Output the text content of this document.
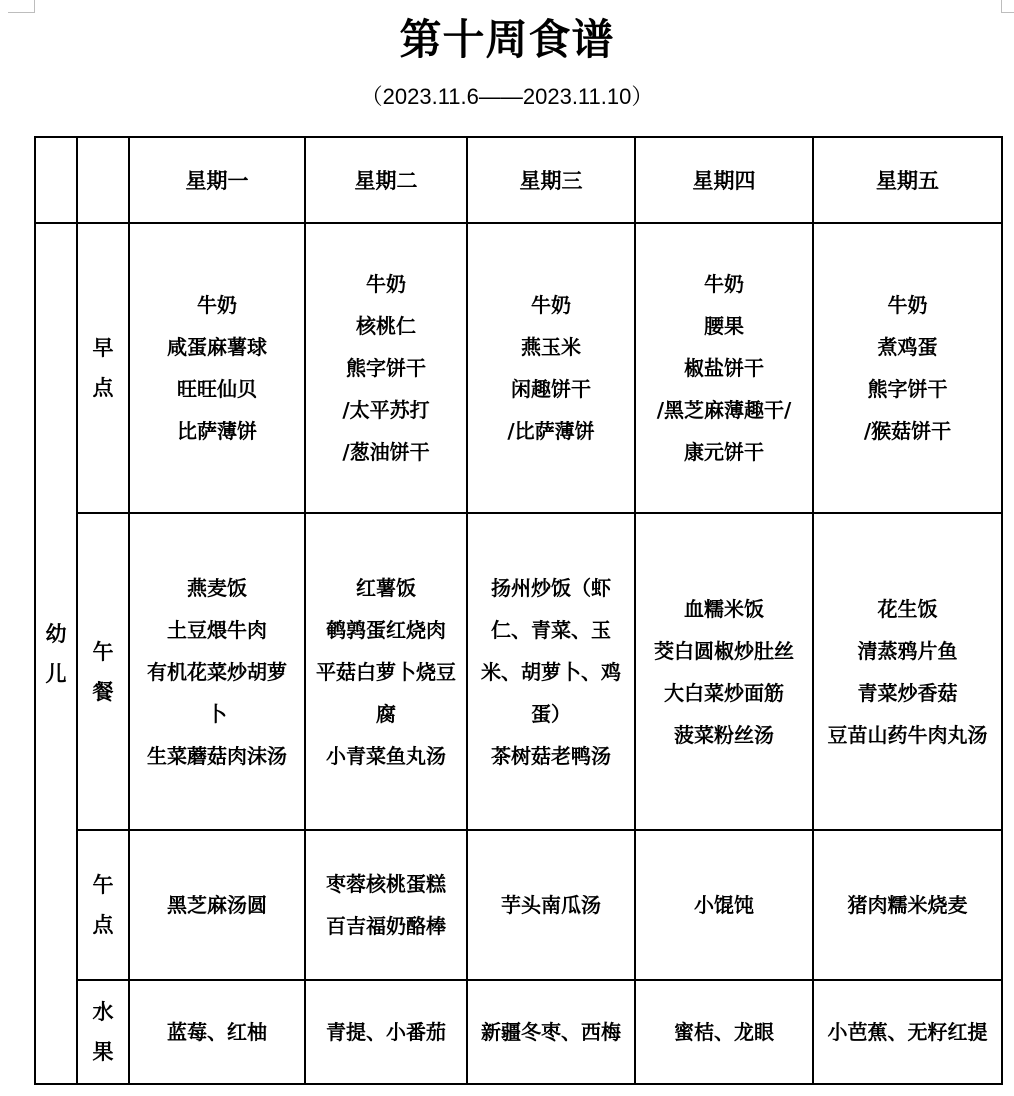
第十周食谱
（2023.11.6——2023.11.10）
		星期一	星期二	星期三	星期四	星期五
幼儿	早点	牛奶
咸蛋麻薯球
旺旺仙贝
比萨薄饼	牛奶
核桃仁
熊字饼干
/太平苏打
/葱油饼干	牛奶
燕玉米
闲趣饼干
/比萨薄饼	牛奶
腰果
椒盐饼干
/黑芝麻薄趣干/
康元饼干	牛奶
煮鸡蛋
熊字饼干
/猴菇饼干

	午餐	燕麦饭
土豆煨牛肉
有机花菜炒胡萝卜
生菜蘑菇肉沫汤	红薯饭
鹌鹑蛋红烧肉
平菇白萝卜烧豆腐
小青菜鱼丸汤	扬州炒饭（虾仁、青菜、玉米、胡萝卜、鸡蛋）
茶树菇老鸭汤	血糯米饭
茭白圆椒炒肚丝
大白菜炒面筋
菠菜粉丝汤	花生饭
清蒸鸦片鱼
青菜炒香菇
豆苗山药牛肉丸汤

	午点	黑芝麻汤圆	枣蓉核桃蛋糕
百吉福奶酪棒	芋头南瓜汤	小馄饨	猪肉糯米烧麦

	水果	蓝莓、红柚	青提、小番茄	新疆冬枣、西梅	蜜桔、龙眼	小芭蕉、无籽红提
